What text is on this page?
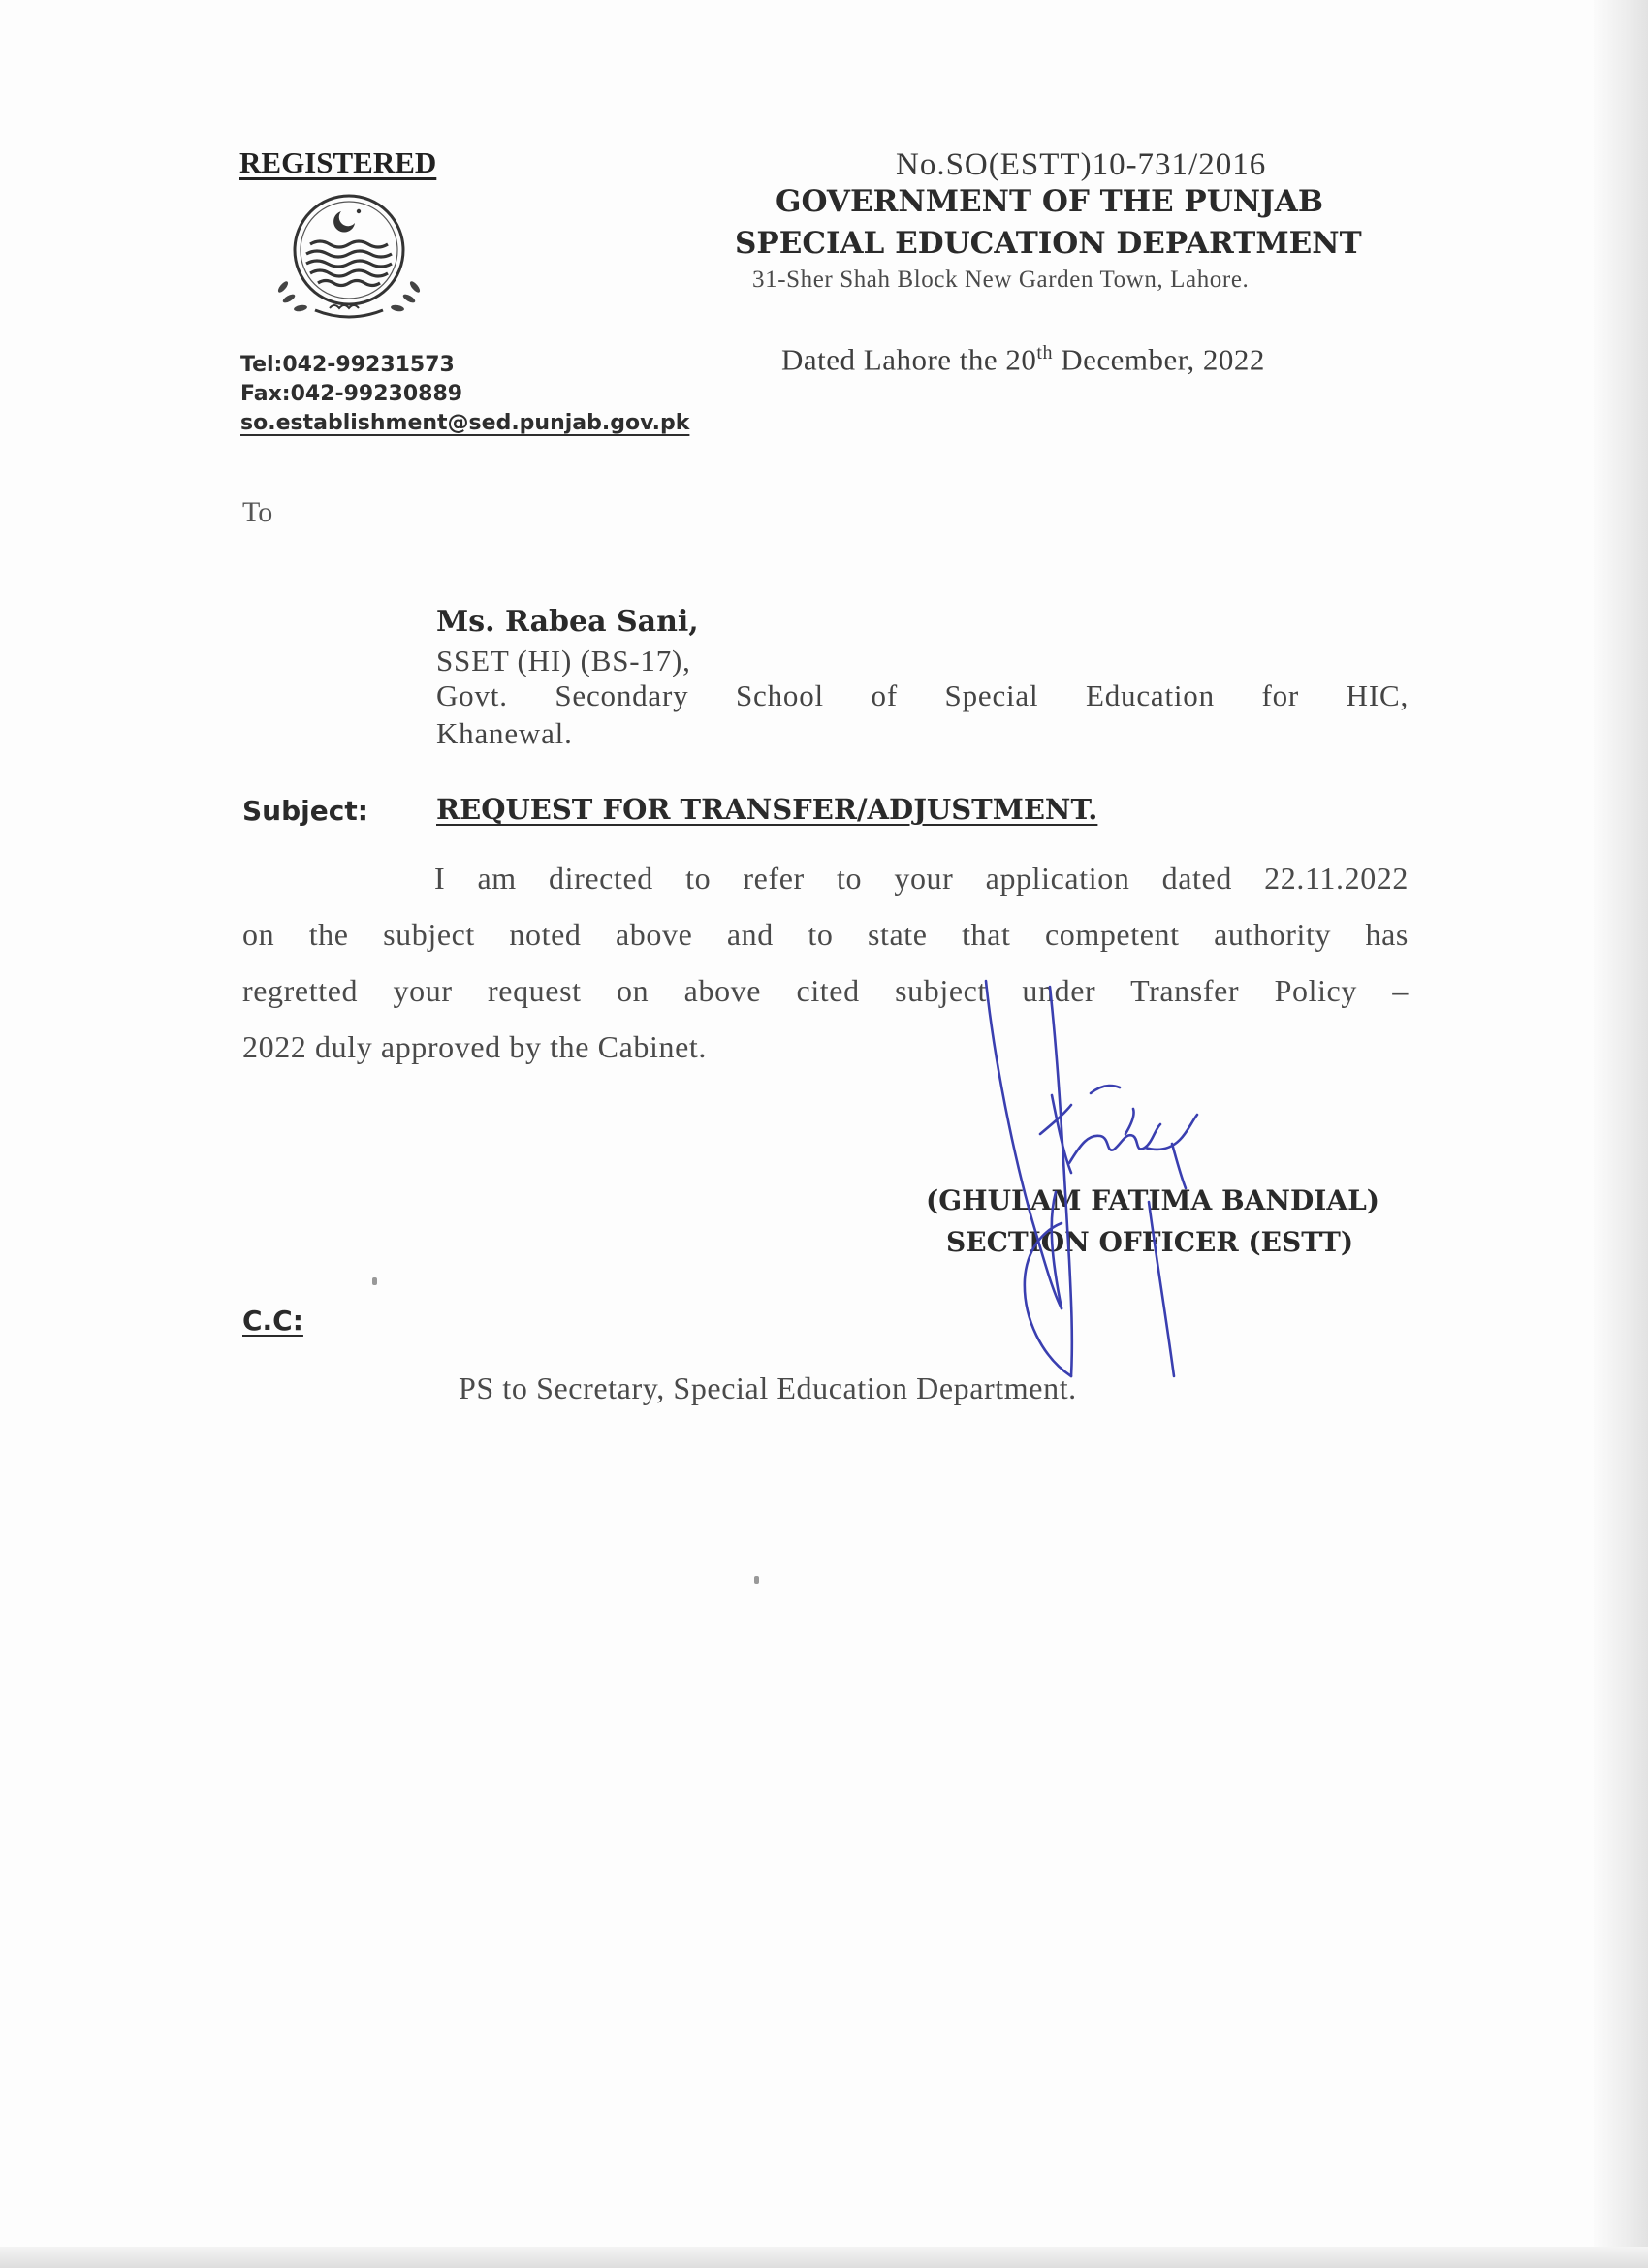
REGISTERED
Tel:042-99231573
Fax:042-99230889
so.establishment@sed.punjab.gov.pk
No.SO(ESTT)10-731/2016
GOVERNMENT OF THE PUNJAB
SPECIAL EDUCATION DEPARTMENT
31-Sher Shah Block New Garden Town, Lahore.
Dated Lahore the 20th December, 2022
To
Ms. Rabea Sani,
SSET (HI) (BS-17),
Govt. Secondary School of Special Education for HIC,
Khanewal.
Subject: REQUEST FOR TRANSFER/ADJUSTMENT.
I am directed to refer to your application dated 22.11.2022
on the subject noted above and to state that competent authority has
regretted your request on above cited subject under Transfer Policy –
2022 duly approved by the Cabinet.
(GHULAM FATIMA BANDIAL)
SECTION OFFICER (ESTT)
C.C:
PS to Secretary, Special Education Department.
